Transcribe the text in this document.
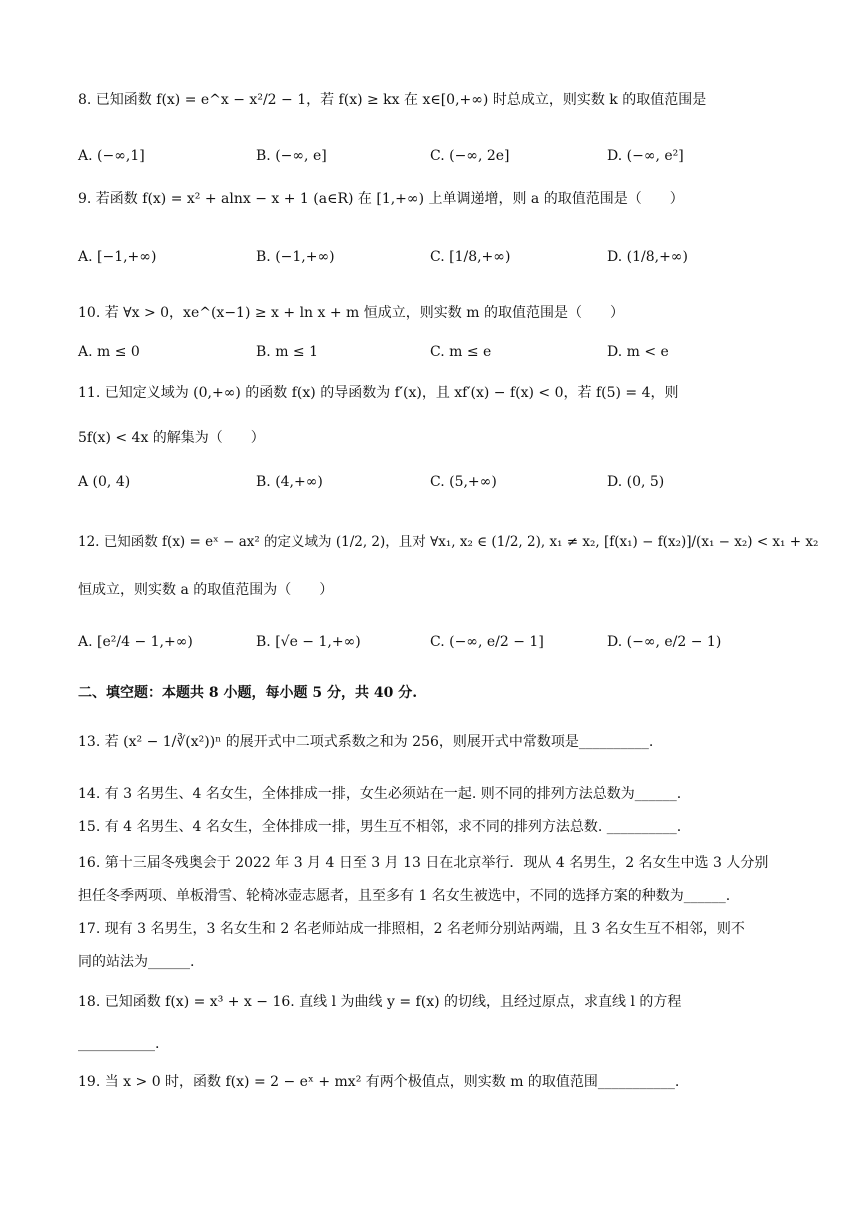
8. 已知函数 f(x) = e^x − x²/2 − 1，若 f(x) ≥ kx 在 x∈[0,+∞) 时总成立，则实数 k 的取值范围是
A. (−∞,1]	B. (−∞, e]	C. (−∞, 2e]	D. (−∞, e²]
9. 若函数 f(x) = x² + alnx − x + 1 (a∈R) 在 [1,+∞) 上单调递增，则 a 的取值范围是（　　）
A. [−1,+∞)	B. (−1,+∞)	C. [1/8,+∞)	D. (1/8,+∞)
10. 若 ∀x > 0，xe^(x−1) ≥ x + ln x + m 恒成立，则实数 m 的取值范围是（　　）
A. m ≤ 0	B. m ≤ 1	C. m ≤ e	D. m < e
11. 已知定义域为 (0,+∞) 的函数 f(x) 的导函数为 f′(x)，且 xf′(x) − f(x) < 0，若 f(5) = 4，则
5f(x) < 4x 的解集为（　　）
A (0, 4)	B. (4,+∞)	C. (5,+∞)	D. (0, 5)
12. 已知函数 f(x) = eˣ − ax² 的定义域为 (1/2, 2)，且对 ∀x₁, x₂ ∈ (1/2, 2), x₁ ≠ x₂, [f(x₁) − f(x₂)]/(x₁ − x₂) < x₁ + x₂
恒成立，则实数 a 的取值范围为（　　）
A. [e²/4 − 1,+∞)	B. [√e − 1,+∞)	C. (−∞, e/2 − 1]	D. (−∞, e/2 − 1)
二、填空题：本题共 8 小题，每小题 5 分，共 40 分.
13. 若 (x² − 1/∛(x²))ⁿ 的展开式中二项式系数之和为 256，则展开式中常数项是__________.
14. 有 3 名男生、4 名女生，全体排成一排，女生必须站在一起. 则不同的排列方法总数为______.
15. 有 4 名男生、4 名女生，全体排成一排，男生互不相邻，求不同的排列方法总数. __________.
16. 第十三届冬残奥会于 2022 年 3 月 4 日至 3 月 13 日在北京举行．现从 4 名男生，2 名女生中选 3 人分别
担任冬季两项、单板滑雪、轮椅冰壶志愿者，且至多有 1 名女生被选中，不同的选择方案的种数为______.
17. 现有 3 名男生，3 名女生和 2 名老师站成一排照相，2 名老师分别站两端，且 3 名女生互不相邻，则不
同的站法为______.
18. 已知函数 f(x) = x³ + x − 16. 直线 l 为曲线 y = f(x) 的切线，且经过原点，求直线 l 的方程
___________.
19. 当 x > 0 时，函数 f(x) = 2 − eˣ + mx² 有两个极值点，则实数 m 的取值范围___________.
